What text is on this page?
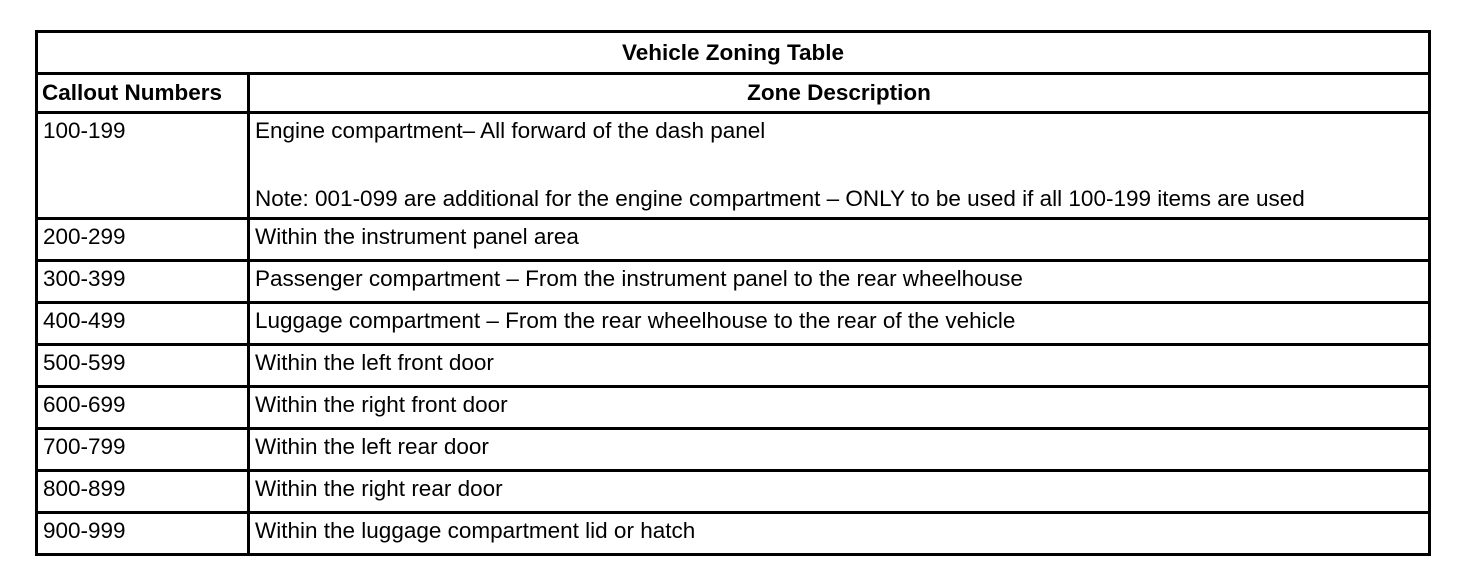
Vehicle Zoning Table	
Callout Numbers	Zone Description
100-199	Engine compartment– All forward of the dash panel
Note: 001-099 are additional for the engine compartment – ONLY to be used if all 100-199 items are used

200-299	Within the instrument panel area
300-399	Passenger compartment – From the instrument panel to the rear wheelhouse
400-499	Luggage compartment – From the rear wheelhouse to the rear of the vehicle
500-599	Within the left front door
600-699	Within the right front door
700-799	Within the left rear door
800-899	Within the right rear door
900-999	Within the luggage compartment lid or hatch
